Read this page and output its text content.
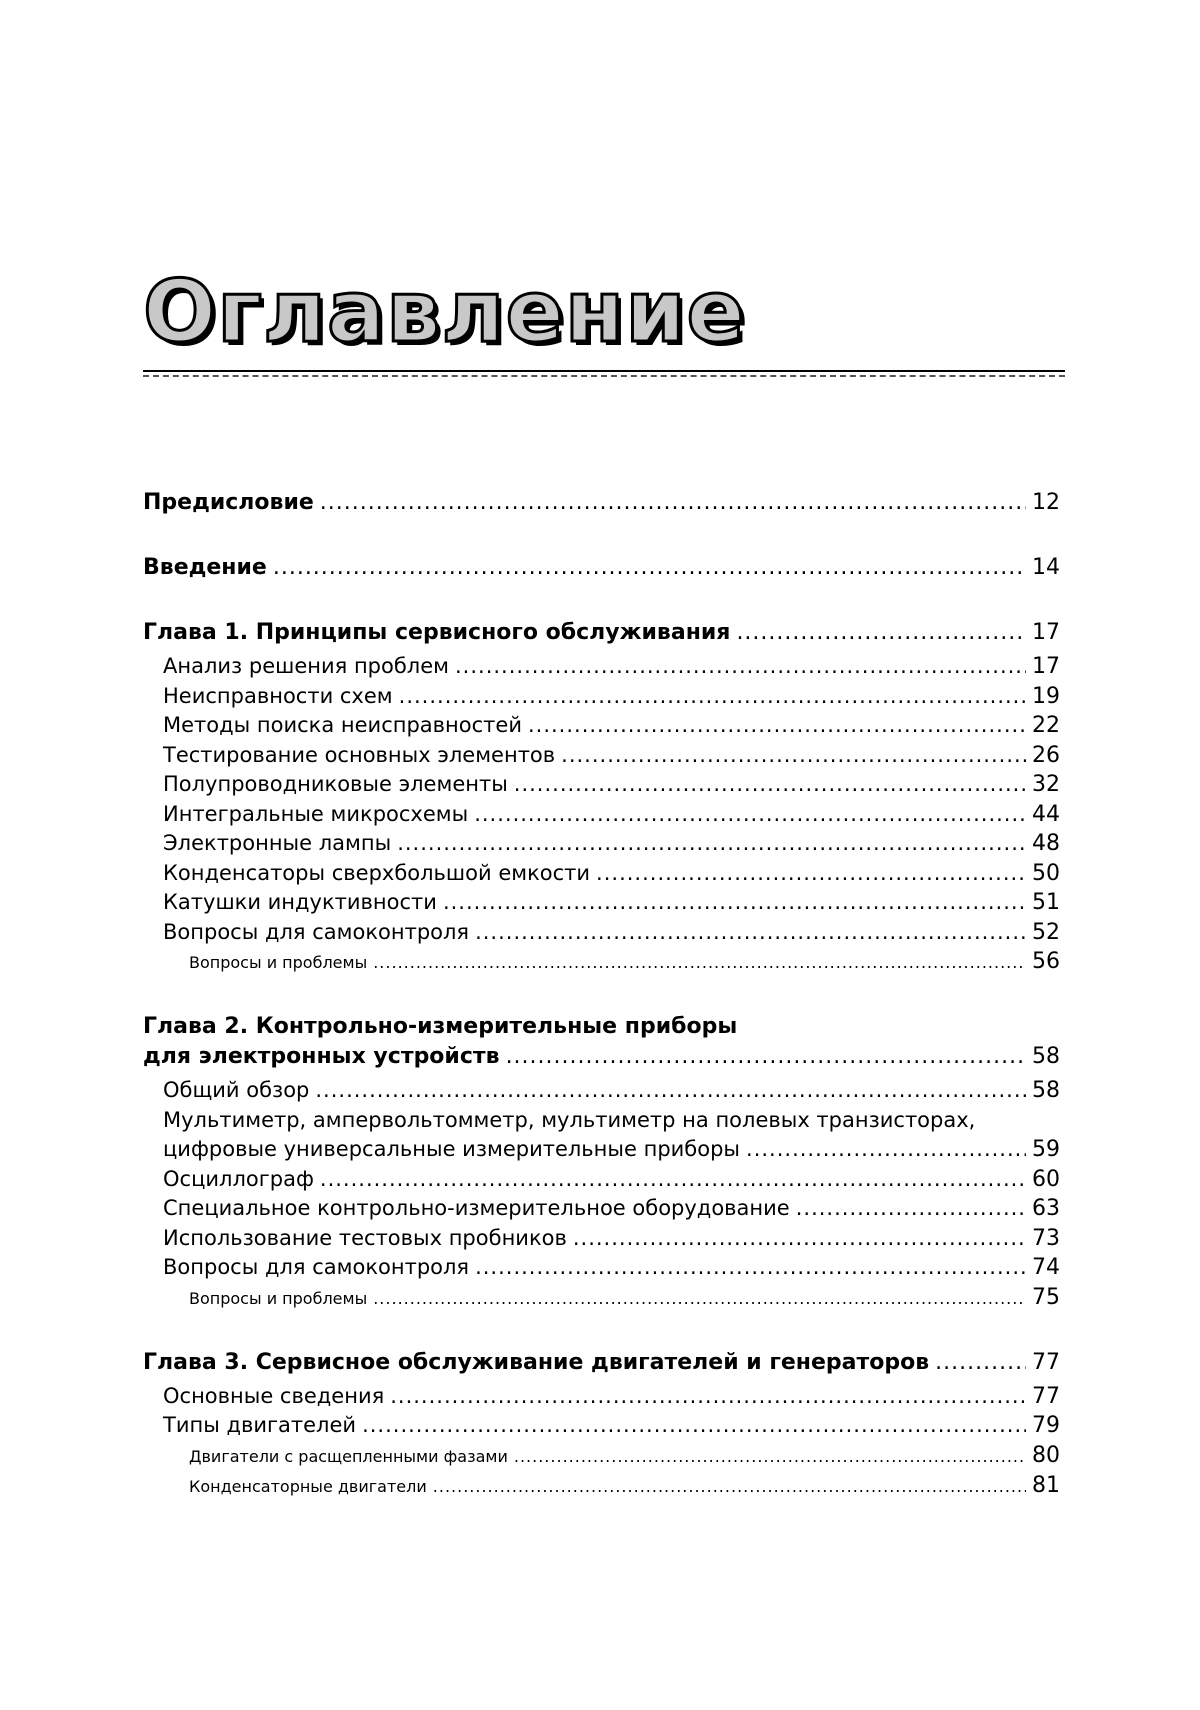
Оглавление
Предисловие .....	12
Введение .....	14
Глава 1. Принципы сервисного обслуживания .....	17
Анализ решения проблем .....	17
Неисправности схем .....	19
Методы поиска неисправностей .....	22
Тестирование основных элементов .....	26
Полупроводниковые элементы .....	32
Интегральные микросхемы .....	44
Электронные лампы .....	48
Конденсаторы сверхбольшой емкости .....	50
Катушки индуктивности .....	51
Вопросы для самоконтроля .....	52
Вопросы и проблемы .....	56
Глава 2. Контрольно-измерительные приборы
для электронных устройств .....	58
Общий обзор .....	58
Мультиметр, ампервольтомметр, мультиметр на полевых транзисторах,
цифровые универсальные измерительные приборы .....	59
Осциллограф .....	60
Специальное контрольно-измерительное оборудование .....	63
Использование тестовых пробников .....	73
Вопросы для самоконтроля .....	74
Вопросы и проблемы .....	75
Глава 3. Сервисное обслуживание двигателей и генераторов .....	77
Основные сведения .....	77
Типы двигателей .....	79
Двигатели с расщепленными фазами .....	80
Конденсаторные двигатели .....	81
